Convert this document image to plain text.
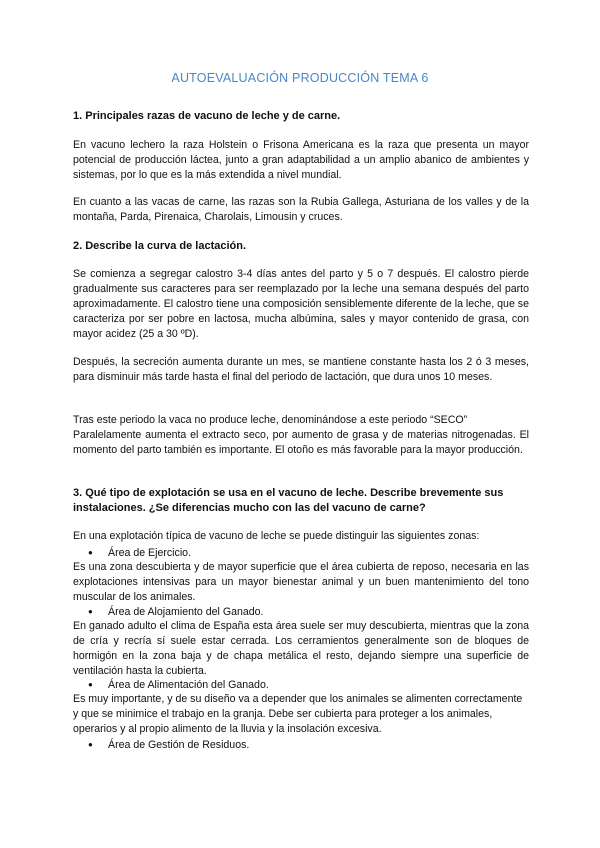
AUTOEVALUACIÓN PRODUCCIÓN TEMA 6
1. Principales razas de vacuno de leche y de carne.
En vacuno lechero la raza Holstein o Frisona Americana es la raza que presenta un mayor potencial de producción láctea, junto a gran adaptabilidad a un amplio abanico de ambientes y sistemas, por lo que es la más extendida a nivel mundial.
En cuanto a las vacas de carne, las razas son la Rubia Gallega, Asturiana de los valles y de la montaña, Parda, Pirenaica, Charolais, Limousin y cruces.
2. Describe la curva de lactación.
Se comienza a segregar calostro 3-4 días antes del parto y 5 o 7 después. El calostro pierde gradualmente sus caracteres para ser reemplazado por la leche una semana después del parto aproximadamente. El calostro tiene una composición sensiblemente diferente de la leche, que se caracteriza por ser pobre en lactosa, mucha albúmina, sales y mayor contenido de grasa, con mayor acidez (25 a 30 ºD).
Después, la secreción aumenta durante un mes, se mantiene constante hasta los 2 ó 3 meses, para disminuir más tarde hasta el final del periodo de lactación, que dura unos 10 meses.
Tras este periodo la vaca no produce leche, denominándose a este periodo “SECO”
Paralelamente aumenta el extracto seco, por aumento de grasa y de materias nitrogenadas. El momento del parto también es importante. El otoño es más favorable para la mayor producción.
3. Qué tipo de explotación se usa en el vacuno de leche. Describe brevemente sus instalaciones. ¿Se diferencias mucho con las del vacuno de carne?
En una explotación típica de vacuno de leche se puede distinguir las siguientes zonas:
● Área de Ejercicio.
Es una zona descubierta y de mayor superficie que el área cubierta de reposo, necesaria en las explotaciones intensivas para un mayor bienestar animal y un buen mantenimiento del tono muscular de los animales.
● Área de Alojamiento del Ganado.
En ganado adulto el clima de España esta área suele ser muy descubierta, mientras que la zona de cría y recría sí suele estar cerrada. Los cerramientos generalmente son de bloques de hormigón en la zona baja y de chapa metálica el resto, dejando siempre una superficie de ventilación hasta la cubierta.
● Área de Alimentación del Ganado.
Es muy importante, y de su diseño va a depender que los animales se alimenten correctamente y que se minimice el trabajo en la granja. Debe ser cubierta para proteger a los animales, operarios y al propio alimento de la lluvia y la insolación excesiva.
● Área de Gestión de Residuos.
